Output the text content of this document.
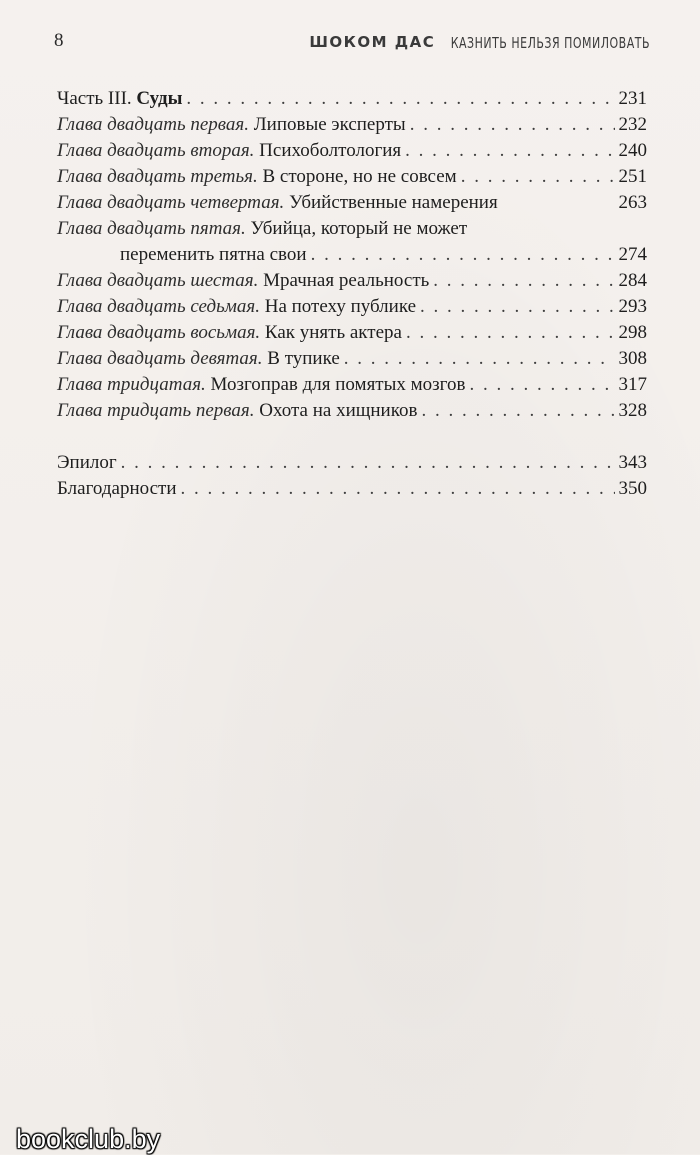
8	ШОКОМ ДАС КАЗНИТЬ НЕЛЬЗЯ ПОМИЛОВАТЬ
Часть III. Суды . . .	231
Глава двадцать первая. Липовые эксперты . . .	232
Глава двадцать вторая. Психоболтология . . .	240
Глава двадцать третья. В стороне, но не совсем . . .	251
Глава двадцать четвертая. Убийственные намерения	263
Глава двадцать пятая. Убийца, который не может
переменить пятна свои . . .	274
Глава двадцать шестая. Мрачная реальность . . .	284
Глава двадцать седьмая. На потеху публике . . .	293
Глава двадцать восьмая. Как унять актера . . .	298
Глава двадцать девятая. В тупике . . .	308
Глава тридцатая. Мозгоправ для помятых мозгов . . .	317
Глава тридцать первая. Охота на хищников . . .	328
Эпилог . . .	343
Благодарности . . .	350
bookclub.by
